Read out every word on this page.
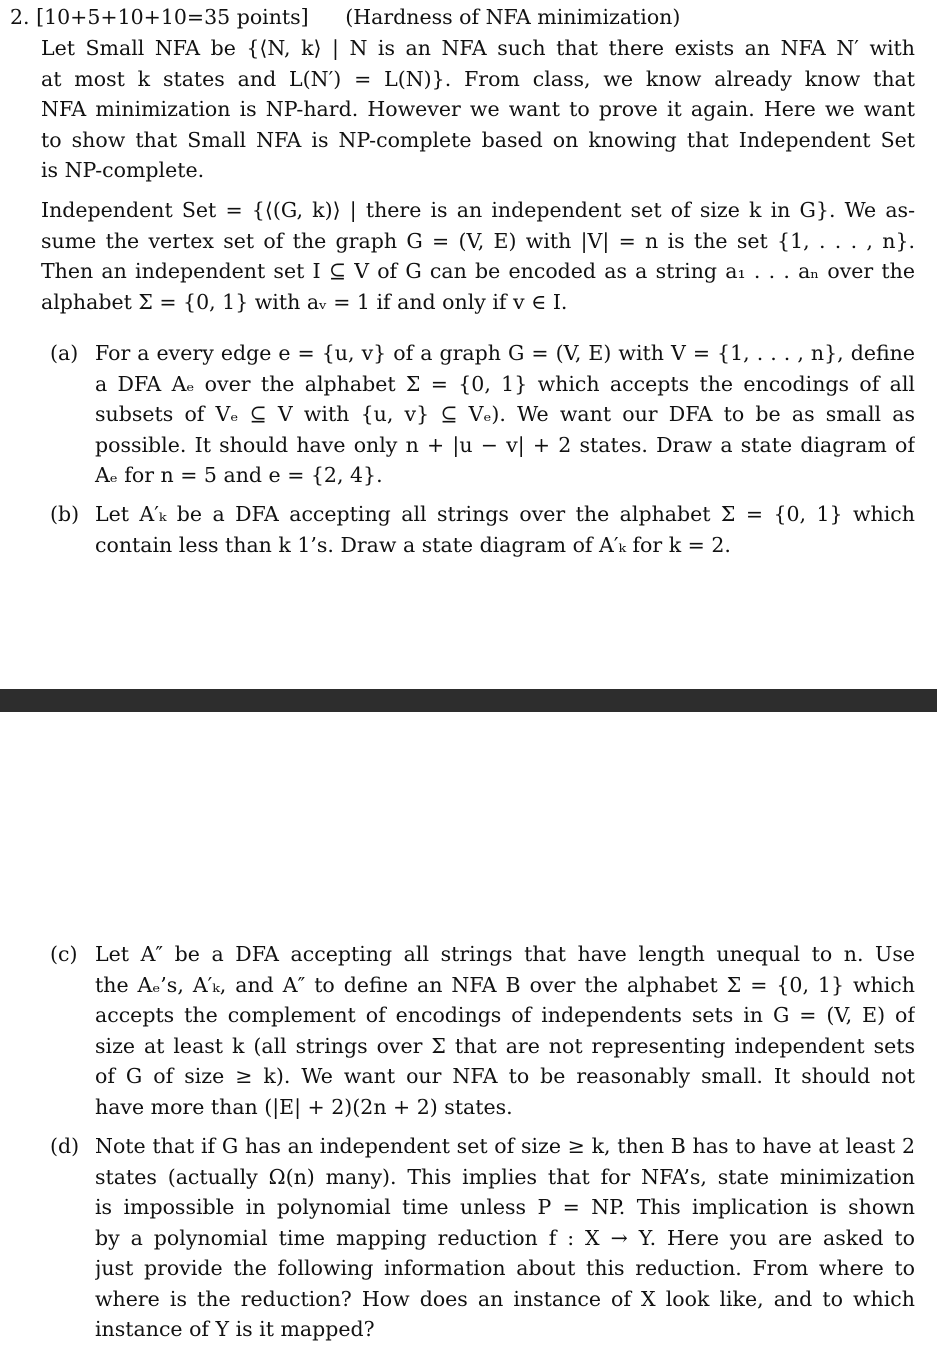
2. [10+5+10+10=35 points] (Hardness of NFA minimization)
Let Small NFA be {⟨N, k⟩ | N is an NFA such that there exists an NFA N′ with
at most k states and L(N′) = L(N)}. From class, we know already know that
NFA minimization is NP-hard. However we want to prove it again. Here we want
to show that Small NFA is NP-complete based on knowing that Independent Set
is NP-complete.
Independent Set = {⟨(G, k)⟩ | there is an independent set of size k in G}. We as-
sume the vertex set of the graph G = (V, E) with |V| = n is the set {1, . . . , n}.
Then an independent set I ⊆ V of G can be encoded as a string a₁ . . . aₙ over the
alphabet Σ = {0, 1} with aᵥ = 1 if and only if v ∈ I.
(a) For a every edge e = {u, v} of a graph G = (V, E) with V = {1, . . . , n}, define
a DFA Aₑ over the alphabet Σ = {0, 1} which accepts the encodings of all
subsets of Vₑ ⊆ V with {u, v} ⊆ Vₑ). We want our DFA to be as small as
possible. It should have only n + |u − v| + 2 states. Draw a state diagram of
Aₑ for n = 5 and e = {2, 4}.
(b) Let A′ₖ be a DFA accepting all strings over the alphabet Σ = {0, 1} which
contain less than k 1’s. Draw a state diagram of A′ₖ for k = 2.
(c) Let A″ be a DFA accepting all strings that have length unequal to n. Use
the Aₑ’s, A′ₖ, and A″ to define an NFA B over the alphabet Σ = {0, 1} which
accepts the complement of encodings of independents sets in G = (V, E) of
size at least k (all strings over Σ that are not representing independent sets
of G of size ≥ k). We want our NFA to be reasonably small. It should not
have more than (|E| + 2)(2n + 2) states.
(d) Note that if G has an independent set of size ≥ k, then B has to have at least 2
states (actually Ω(n) many). This implies that for NFA’s, state minimization
is impossible in polynomial time unless P = NP. This implication is shown
by a polynomial time mapping reduction f : X → Y. Here you are asked to
just provide the following information about this reduction. From where to
where is the reduction? How does an instance of X look like, and to which
instance of Y is it mapped?
